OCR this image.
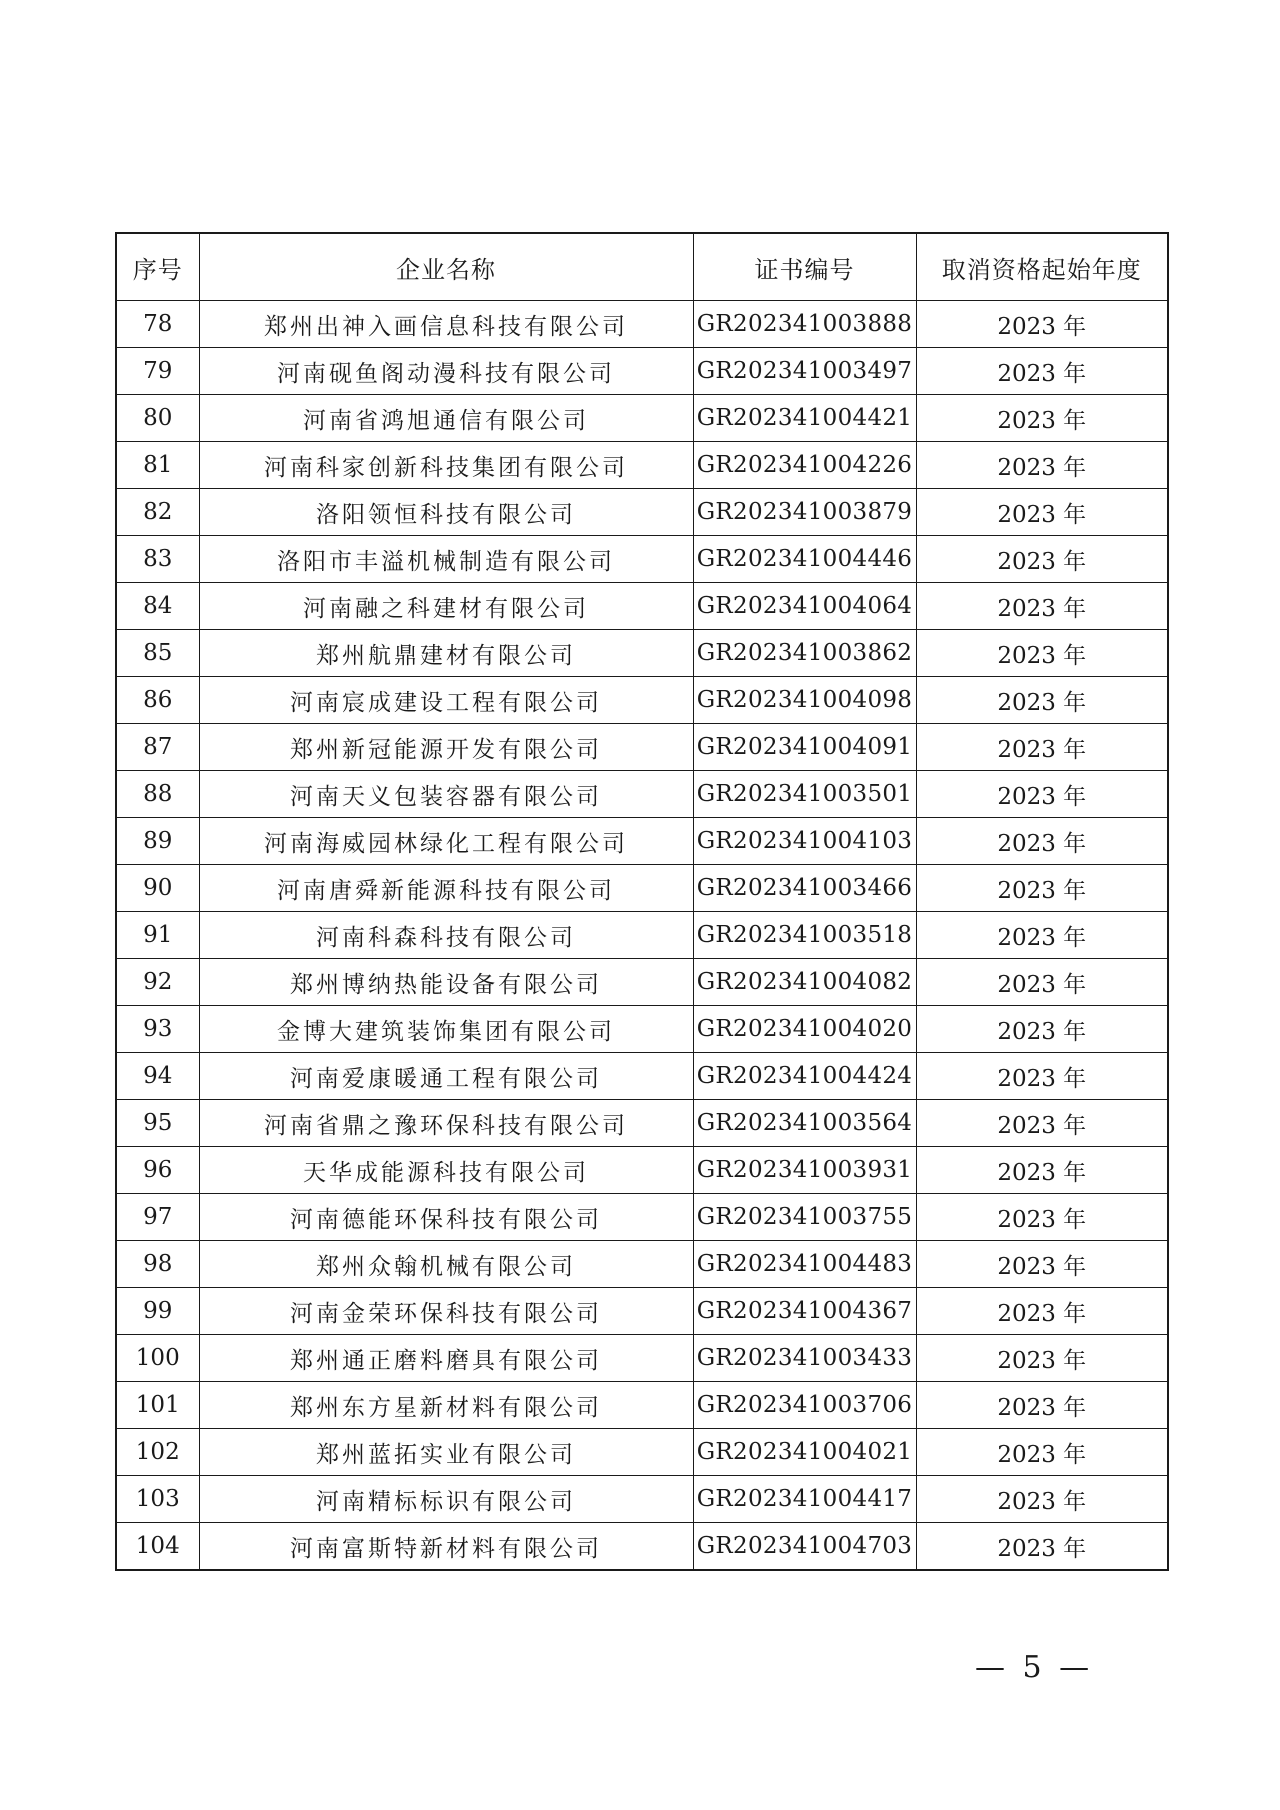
序号	企业名称	证书编号	取消资格起始年度
78	郑州出神入画信息科技有限公司	GR202341003888	2023 年
79	河南砚鱼阁动漫科技有限公司	GR202341003497	2023 年
80	河南省鸿旭通信有限公司	GR202341004421	2023 年
81	河南科家创新科技集团有限公司	GR202341004226	2023 年
82	洛阳领恒科技有限公司	GR202341003879	2023 年
83	洛阳市丰溢机械制造有限公司	GR202341004446	2023 年
84	河南融之科建材有限公司	GR202341004064	2023 年
85	郑州航鼎建材有限公司	GR202341003862	2023 年
86	河南宸成建设工程有限公司	GR202341004098	2023 年
87	郑州新冠能源开发有限公司	GR202341004091	2023 年
88	河南天义包装容器有限公司	GR202341003501	2023 年
89	河南海威园林绿化工程有限公司	GR202341004103	2023 年
90	河南唐舜新能源科技有限公司	GR202341003466	2023 年
91	河南科森科技有限公司	GR202341003518	2023 年
92	郑州博纳热能设备有限公司	GR202341004082	2023 年
93	金博大建筑装饰集团有限公司	GR202341004020	2023 年
94	河南爱康暖通工程有限公司	GR202341004424	2023 年
95	河南省鼎之豫环保科技有限公司	GR202341003564	2023 年
96	天华成能源科技有限公司	GR202341003931	2023 年
97	河南德能环保科技有限公司	GR202341003755	2023 年
98	郑州众翰机械有限公司	GR202341004483	2023 年
99	河南金荣环保科技有限公司	GR202341004367	2023 年
100	郑州通正磨料磨具有限公司	GR202341003433	2023 年
101	郑州东方星新材料有限公司	GR202341003706	2023 年
102	郑州蓝拓实业有限公司	GR202341004021	2023 年
103	河南精标标识有限公司	GR202341004417	2023 年
104	河南富斯特新材料有限公司	GR202341004703	2023 年
— 5 —
